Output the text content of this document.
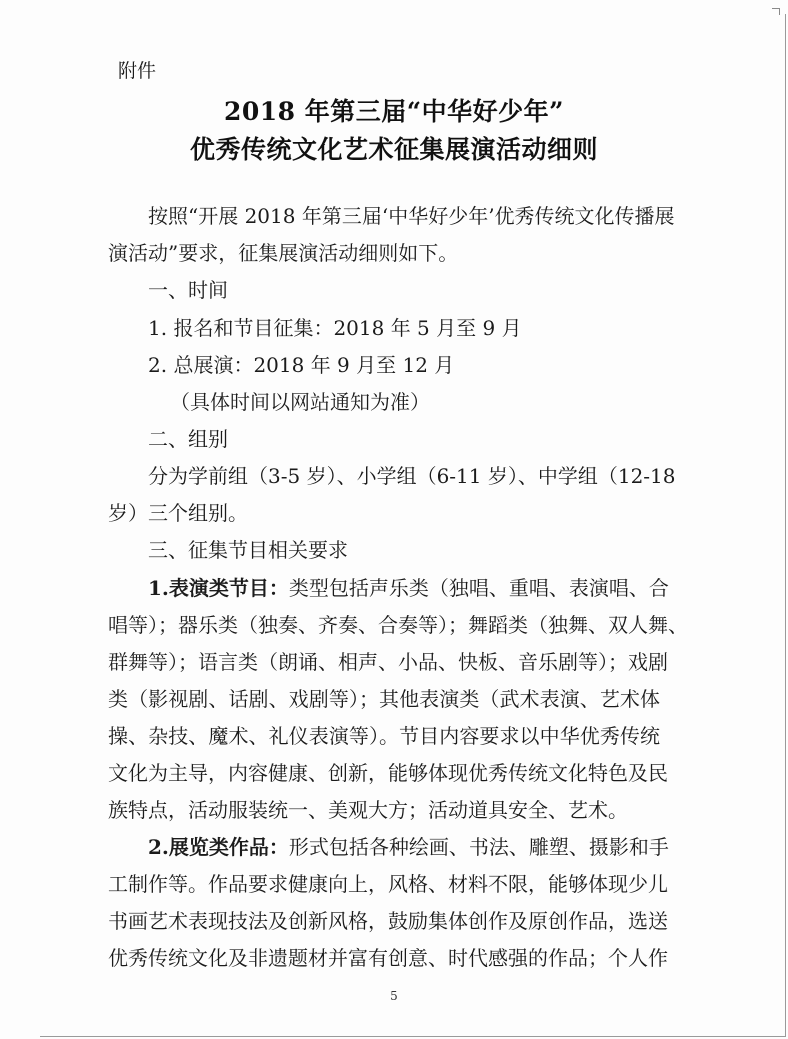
附件
2018 年第三届“中华好少年”
优秀传统文化艺术征集展演活动细则
按照“开展 2018 年第三届‘中华好少年’优秀传统文化传播展
演活动”要求，征集展演活动细则如下。
一、时间
1. 报名和节目征集：2018 年 5 月至 9 月
2. 总展演：2018 年 9 月至 12 月
（具体时间以网站通知为准）
二、组别
分为学前组（3-5 岁）、小学组（6-11 岁）、中学组（12-18
岁）三个组别。
三、征集节目相关要求
1.表演类节目：类型包括声乐类（独唱、重唱、表演唱、合
唱等）；器乐类（独奏、齐奏、合奏等）；舞蹈类（独舞、双人舞、
群舞等）；语言类（朗诵、相声、小品、快板、音乐剧等）；戏剧
类（影视剧、话剧、戏剧等）；其他表演类（武术表演、艺术体
操、杂技、魔术、礼仪表演等）。节目内容要求以中华优秀传统
文化为主导，内容健康、创新，能够体现优秀传统文化特色及民
族特点，活动服装统一、美观大方；活动道具安全、艺术。
2.展览类作品：形式包括各种绘画、书法、雕塑、摄影和手
工制作等。作品要求健康向上，风格、材料不限，能够体现少儿
书画艺术表现技法及创新风格，鼓励集体创作及原创作品，选送
优秀传统文化及非遗题材并富有创意、时代感强的作品；个人作
5
